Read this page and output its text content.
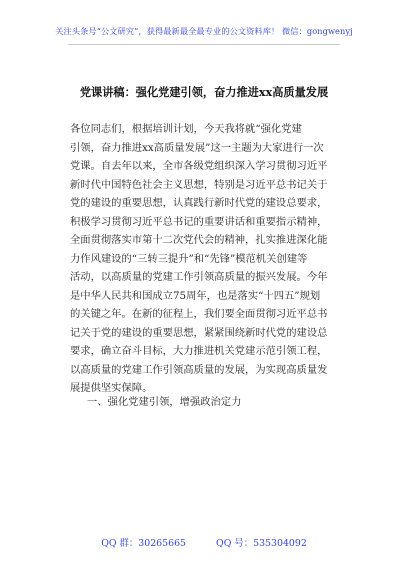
关注头条号“公文研究”，获得最新最全最专业的公文资料库！ 微信：gongwenyj
党课讲稿：强化党建引领，奋力推进xx高质量发展
各位同志们，根据培训计划，今天我将就“强化党建
引领，奋力推进xx高质量发展”这一主题为大家进行一次
党课。自去年以来，全市各级党组织深入学习贯彻习近平
新时代中国特色社会主义思想，特别是习近平总书记关于
党的建设的重要思想，认真践行新时代党的建设总要求，
积极学习贯彻习近平总书记的重要讲话和重要指示精神，
全面贯彻落实市第十二次党代会的精神，扎实推进深化能
力作风建设的“三转三提升”和“先锋”模范机关创建等
活动，以高质量的党建工作引领高质量的振兴发展。今年
是中华人民共和国成立75周年，也是落实“十四五”规划
的关键之年。在新的征程上，我们要全面贯彻习近平总书
记关于党的建设的重要思想，紧紧围绕新时代党的建设总
要求，确立奋斗目标，大力推进机关党建示范引领工程，
以高质量的党建工作引领高质量的发展，为实现高质量发
展提供坚实保障。
一、强化党建引领，增强政治定力
QQ 群：30265665	QQ 号：535304092
